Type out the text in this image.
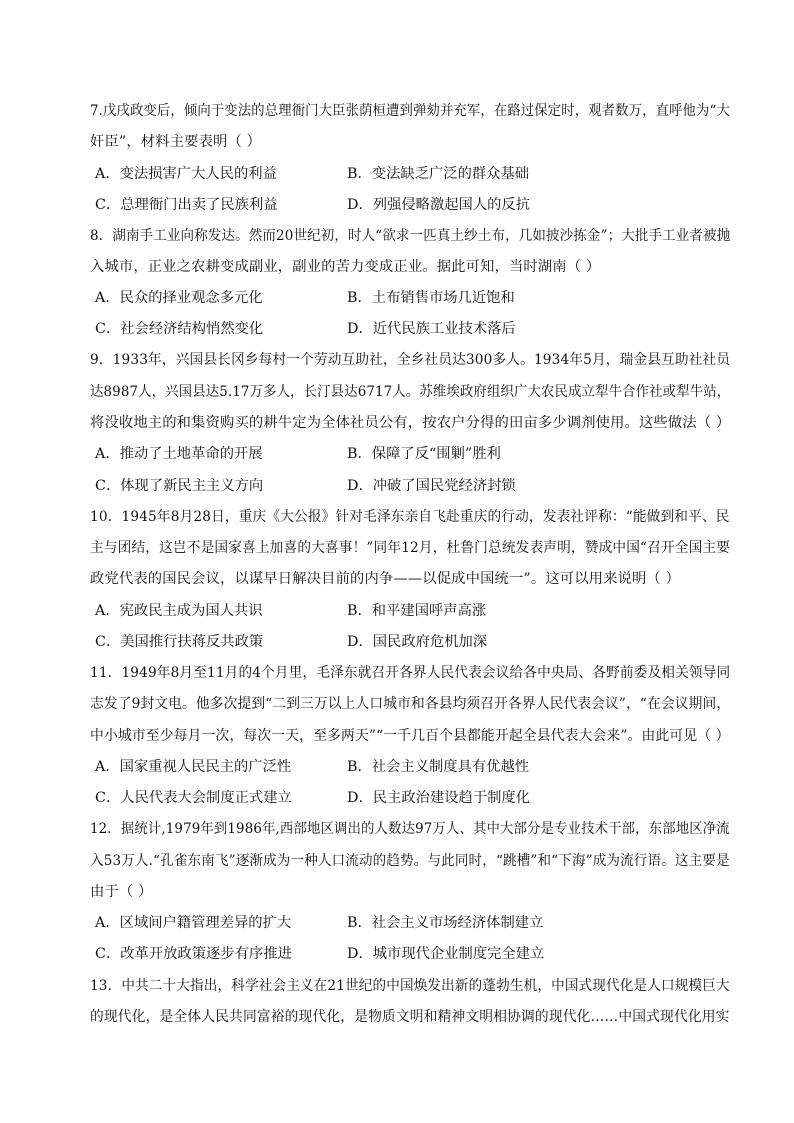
7.戊戌政变后，倾向于变法的总理衙门大臣张荫桓遭到弹劾并充军，在路过保定时，观者数万，直呼他为“大
奸臣”，材料主要表明（ ）
A．变法损害广大人民的利益	B．变法缺乏广泛的群众基础
C．总理衙门出卖了民族利益	D．列强侵略激起国人的反抗
8．湖南手工业向称发达。然而20世纪初，时人“欲求一匹真土纱土布，几如披沙拣金”；大批手工业者被抛
入城市，正业之农耕变成副业，副业的苦力变成正业。据此可知，当时湖南（ ）
A．民众的择业观念多元化	B．土布销售市场几近饱和
C．社会经济结构悄然变化	D．近代民族工业技术落后
9．1933年，兴国县长冈乡每村一个劳动互助社，全乡社员达300多人。1934年5月，瑞金县互助社社员
达8987人，兴国县达5.17万多人，长汀县达6717人。苏维埃政府组织广大农民成立犁牛合作社或犁牛站，
将没收地主的和集资购买的耕牛定为全体社员公有，按农户分得的田亩多少调剂使用。这些做法（ ）
A．推动了土地革命的开展	B．保障了反“围剿”胜利
C．体现了新民主主义方向	D．冲破了国民党经济封锁
10．1945年8月28日，重庆《大公报》针对毛泽东亲自飞赴重庆的行动，发表社评称：“能做到和平、民
主与团结，这岂不是国家喜上加喜的大喜事！”同年12月，杜鲁门总统发表声明，赞成中国“召开全国主要
政党代表的国民会议，以谋早日解决目前的内争——以促成中国统一”。这可以用来说明（ ）
A．宪政民主成为国人共识	B．和平建国呼声高涨
C．美国推行扶蒋反共政策	D．国民政府危机加深
11．1949年8月至11月的4个月里，毛泽东就召开各界人民代表会议给各中央局、各野前委及相关领导同
志发了9封文电。他多次提到“二到三万以上人口城市和各县均须召开各界人民代表会议”，“在会议期间，
中小城市至少每月一次，每次一天，至多两天”“一千几百个县都能开起全县代表大会来”。由此可见（ ）
A．国家重视人民民主的广泛性	B．社会主义制度具有优越性
C．人民代表大会制度正式建立	D．民主政治建设趋于制度化
12．据统计,1979年到1986年,西部地区调出的人数达97万人、其中大部分是专业技术干部，东部地区净流
入53万人.“孔雀东南飞”逐渐成为一种人口流动的趋势。与此同时，“跳槽”和“下海”成为流行语。这主要是
由于（ ）
A．区域间户籍管理差异的扩大	B．社会主义市场经济体制建立
C．改革开放政策逐步有序推进	D．城市现代企业制度完全建立
13．中共二十大指出，科学社会主义在21世纪的中国焕发出新的蓬勃生机，中国式现代化是人口规模巨大
的现代化，是全体人民共同富裕的现代化，是物质文明和精神文明相协调的现代化……中国式现代化用实
